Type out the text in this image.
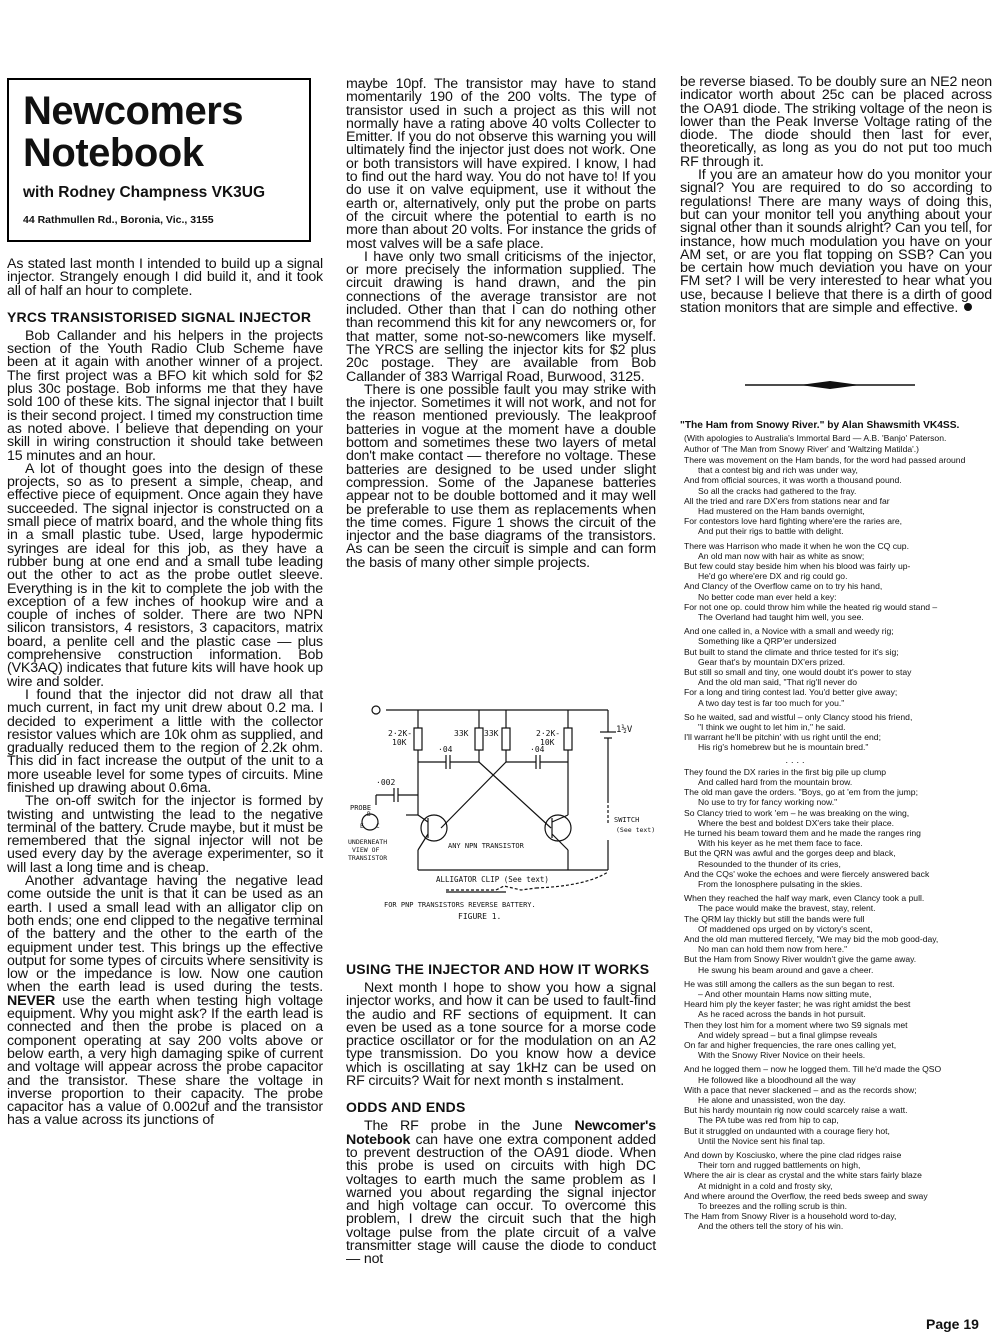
Newcomers
Notebook
with Rodney Champness VK3UG
44 Rathmullen Rd., Boronia, Vic., 3155

As stated last month I intended to build up a signal injector. Strangely enough I did build it, and it took all of half an hour to complete.

YRCS TRANSISTORISED SIGNAL INJECTOR

Bob Callander and his helpers in the projects section of the Youth Radio Club Scheme have been at it again with another winner of a project. The first project was a BFO kit which sold for $2 plus 30c postage. Bob informs me that they have sold 100 of these kits. The signal injector that I built is their second project. I timed my construction time as noted above. I believe that depending on your skill in wiring construction it should take between 15 minutes and an hour.

A lot of thought goes into the design of these projects, so as to present a simple, cheap, and effective piece of equipment. Once again they have succeeded. The signal injector is constructed on a small piece of matrix board, and the whole thing fits in a small plastic tube. Used, large hypodermic syringes are ideal for this job, as they have a rubber bung at one end and a small tube leading out the other to act as the probe outlet sleeve. Everything is in the kit to complete the job with the exception of a few inches of hookup wire and a couple of inches of solder. There are two NPN silicon transistors, 4 resistors, 3 capacitors, matrix board, a penlite cell and the plastic case — plus comprehensive construction information. Bob (VK3AQ) indicates that future kits will have hook up wire and solder.

I found that the injector did not draw all that much current, in fact my unit drew about 0.2 ma. I decided to experiment a little with the collector resistor values which are 10k ohm as supplied, and gradually reduced them to the region of 2.2k ohm. This did in fact increase the output of the unit to a more useable level for some types of circuits. Mine finished up drawing about 0.6ma.

The on-off switch for the injector is formed by twisting and untwisting the lead to the negative terminal of the battery. Crude maybe, but it must be remembered that the signal injector will not be used every day by the average experimenter, so it will last a long time and is cheap.

Another advantage having the negative lead come outside the unit is that it can be used as an earth. I used a small lead with an alligator clip on both ends; one end clipped to the negative terminal of the battery and the other to the earth of the equipment under test. This brings up the effective output for some types of circuits where sensitivity is low or the impedance is low. Now one caution when the earth lead is used during the tests. NEVER use the earth when testing high voltage equipment. Why you might ask? If the earth lead is connected and then the probe is placed on a component operating at say 200 volts above or below earth, a very high damaging spike of current and voltage will appear across the probe capacitor and the transistor. These share the voltage in inverse proportion to their capacity. The probe capacitor has a value of 0.002uf and the transistor has a value across its junctions of

maybe 10pf. The transistor may have to stand momentarily 190 of the 200 volts. The type of transistor used in such a project as this will not normally have a rating above 40 volts Collecter to Emitter. If you do not observe this warning you will ultimately find the injector just does not work. One or both transistors will have expired. I know, I had to find out the hard way. You do not have to! If you do use it on valve equipment, use it without the earth or, alternatively, only put the probe on parts of the circuit where the potential to earth is no more than about 20 volts. For instance the grids of most valves will be a safe place.

I have only two small criticisms of the injector, or more precisely the information supplied. The circuit drawing is hand drawn, and the pin connections of the average transistor are not included. Other than that I can do nothing other than recommend this kit for any newcomers or, for that matter, some not-so-newcomers like myself. The YRCS are selling the injector kits for $2 plus 20c postage. They are available from Bob Callander of 383 Warrigal Road, Burwood, 3125.

There is one possible fault you may strike with the injector. Sometimes it will not work, and not for the reason mentioned previously. The leakproof batteries in vogue at the moment have a double bottom and sometimes these two layers of metal don't make contact — therefore no voltage. These batteries are designed to be used under slight compression. Some of the Japanese batteries appear not to be double bottomed and it may well be preferable to use them as replacements when the time comes. Figure 1 shows the circuit of the injector and the base diagrams of the transistors. As can be seen the circuit is simple and can form the basis of many other simple projects.

2·2K-
10K
33K 33K	2·2K-
10K
·04	·04
·002
1½V
PROBE
B
E C
UNDERNEATH
VIEW OF
TRANSISTOR
ANY NPN TRANSISTOR
SWITCH
(See text)
ALLIGATOR CLIP (See text)
FOR PNP TRANSISTORS REVERSE BATTERY.
FIGURE 1.
USING THE INJECTOR AND HOW IT WORKS

Next month I hope to show you how a signal injector works, and how it can be used to fault-find the audio and RF sections of equipment. It can even be used as a tone source for a morse code practice oscillator or for the modulation on an A2 type transmission. Do you know how a device which is oscillating at say 1kHz can be used on RF circuits? Wait for next month s instalment.

ODDS AND ENDS

The RF probe in the June Newcomer's Notebook can have one extra component added to prevent destruction of the OA91 diode. When this probe is used on circuits with high DC voltages to earth much the same problem as I warned you about regarding the signal injector and high voltage can occur. To overcome this problem, I drew the circuit such that the high voltage pulse from the plate circuit of a valve transmitter stage will cause the diode to conduct — not

be reverse biased. To be doubly sure an NE2 neon indicator worth about 25c can be placed across the OA91 diode. The striking voltage of the neon is lower than the Peak Inverse Voltage rating of the diode. The diode should then last for ever, theoretically, as long as you do not put too much RF through it.

If you are an amateur how do you monitor your signal? You are required to do so according to regulations! There are many ways of doing this, but can your monitor tell you anything about your signal other than it sounds alright? Can you tell, for instance, how much modulation you have on your AM set, or are you flat topping on SSB? Can you be certain how much deviation you have on your FM set? I will be very interested to hear what you use, because I believe that there is a dirth of good station monitors that are simple and effective.

"The Ham from Snowy River." by Alan Shawsmith VK4SS.
(With apologies to Australia's Immortal Bard — A.B. 'Banjo' Paterson.
Author of 'The Man from Snowy River' and 'Waltzing Matilda'.)
There was movement on the Ham bands, for the word had passed around
that a contest big and rich was under way,
And from official sources, it was worth a thousand pound.
So all the cracks had gathered to the fray.
All the tried and rare DX'ers from stations near and far
Had mustered on the Ham bands overnight,
For contestors love hard fighting where'ere the raries are,
And put their rigs to battle with delight.
There was Harrison who made it when he won the CQ cup.
An old man now with hair as white as snow;
But few could stay beside him when his blood was fairly up-
He'd go where'ere DX and rig could go.
And Clancy of the Overflow came on to try his hand,
No better code man ever held a key:
For not one op. could throw him while the heated rig would stand –
The Overland had taught him well, you see.
And one called in, a Novice with a small and weedy rig;
Something like a QRP'er undersized
But built to stand the climate and thrice tested for it's sig;
Gear that's by mountain DX'ers prized.
But still so small and tiny, one would doubt it's power to stay
And the old man said, "That rig'll never do
For a long and tiring contest lad. You'd better give away;
A two day test is far too much for you."
So he waited, sad and wistful – only Clancy stood his friend,
"I think we ought to let him in," he said.
I'll warrant he'll be pitchin' with us right until the end;
His rig's homebrew but he is mountain bred."
· · · ·
They found the DX raries in the first big pile up clump
And called hard from the mountain brow.
The old man gave the orders. "Boys, go at 'em from the jump;
No use to try for fancy working now."
So Clancy tried to work 'em – he was breaking on the wing,
Where the best and boldest DX'ers take their place.
He turned his beam toward them and he made the ranges ring
With his keyer as he met them face to face.
But the QRN was awful and the gorges deep and black,
Resounded to the thunder of its cries,
And the CQs' woke the echoes and were fiercely answered back
From the Ionosphere pulsating in the skies.
When they reached the half way mark, even Clancy took a pull.
The pace would make the bravest, stay, relent.
The QRM lay thickly but still the bands were full
Of maddened ops urged on by victory's scent,
And the old man muttered fiercely, "We may bid the mob good-day,
No man can hold them now from here."
But the Ham from Snowy River wouldn't give the game away.
He swung his beam around and gave a cheer.
He was still among the callers as the sun began to rest.
– And other mountain Hams now sitting mute,
Heard him ply the keyer faster; he was right amidst the best
As he raced across the bands in hot pursuit.
Then they lost him for a moment where two S9 signals met
And widely spread – but a final glimpse reveals
On far and higher frequencies, the rare ones calling yet,
With the Snowy River Novice on their heels.
And he logged them – now he logged them. Till he'd made the QSO
He followed like a bloodhound all the way
With a pace that never slackened – and as the records show;
He alone and unassisted, won the day.
But his hardy mountain rig now could scarcely raise a watt.
The PA tube was red from hip to cap,
But it struggled on undaunted with a courage fiery hot,
Until the Novice sent his final tap.
And down by Kosciusko, where the pine clad ridges raise
Their torn and rugged battlements on high,
Where the air is clear as crystal and the white stars fairly blaze
At midnight in a cold and frosty sky,
And where around the Overflow, the reed beds sweep and sway
To breezes and the rolling scrub is thin.
The Ham from Snowy River is a household word to-day,
And the others tell the story of his win.
Page 19
